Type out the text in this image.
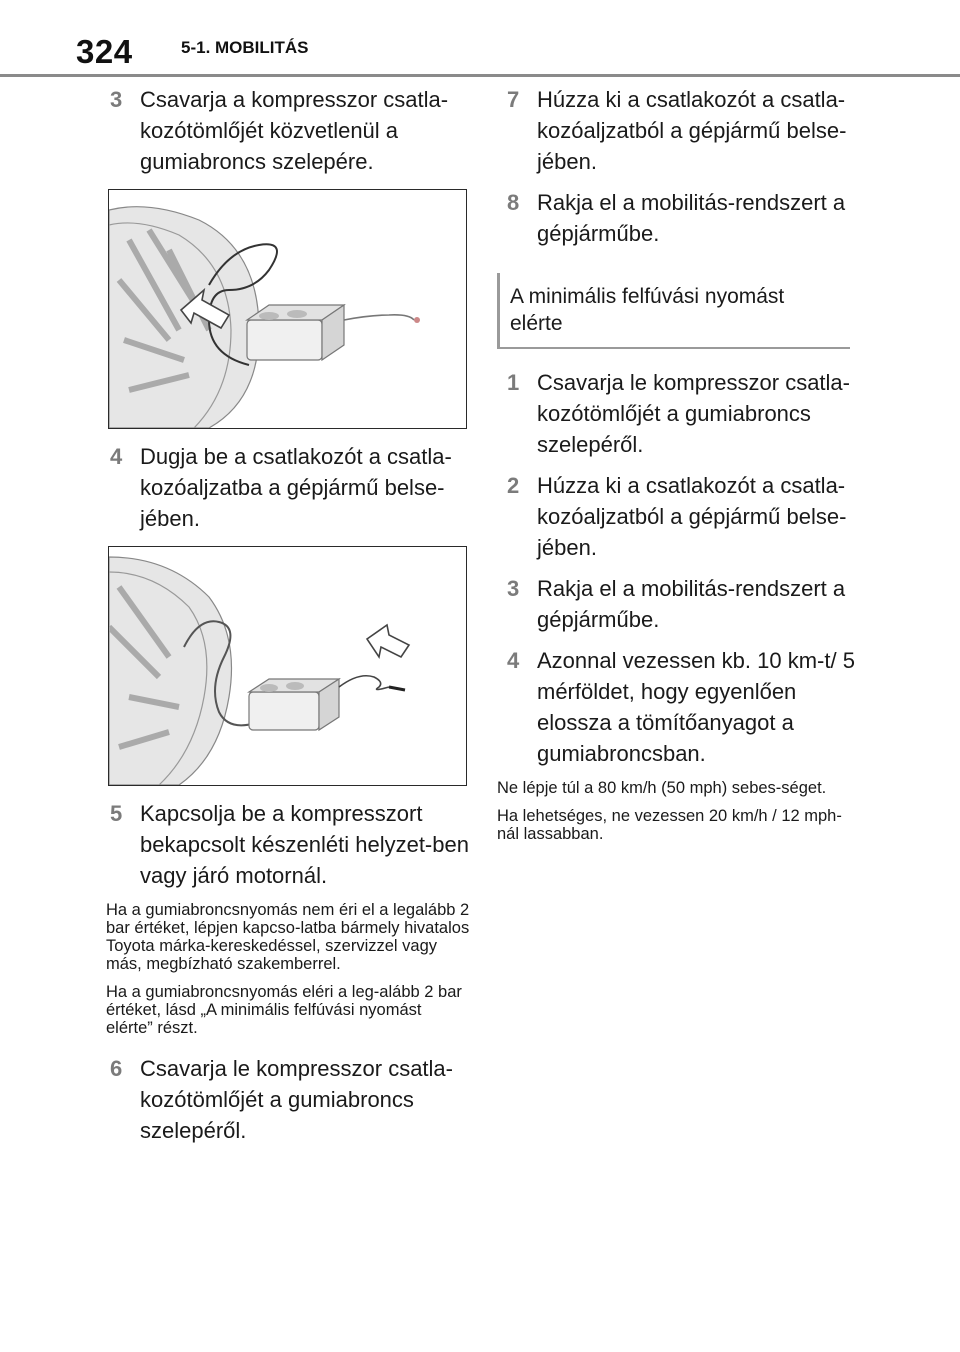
324	5-1. MOBILITÁS
3 Csavarja a kompresszor csatla-kozótömlőjét közvetlenül a gumiabroncs szelepére.
4 Dugja be a csatlakozót a csatla-kozóaljzatba a gépjármű belse-jében.
5 Kapcsolja be a kompresszort bekapcsolt készenléti helyzet-ben vagy járó motornál.

Ha a gumiabroncsnyomás nem éri el a legalább 2 bar értéket, lépjen kapcso-latba bármely hivatalos Toyota márka-kereskedéssel, szervizzel vagy más, megbízható szakemberrel.

Ha a gumiabroncsnyomás eléri a leg-alább 2 bar értéket, lásd „A minimális felfúvási nyomást elérte” részt.

6 Csavarja le kompresszor csatla-kozótömlőjét a gumiabroncs szelepéről.
7 Húzza ki a csatlakozót a csatla-kozóaljzatból a gépjármű belse-jében.
8 Rakja el a mobilitás-rendszert a gépjárműbe.
A minimális felfúvási nyomást elérte
1 Csavarja le kompresszor csatla-kozótömlőjét a gumiabroncs szelepéről.
2 Húzza ki a csatlakozót a csatla-kozóaljzatból a gépjármű belse-jében.
3 Rakja el a mobilitás-rendszert a gépjárműbe.
4 Azonnal vezessen kb. 10 km-t/ 5 mérföldet, hogy egyenlően elossza a tömítőanyagot a gumiabroncsban.

Ne lépje túl a 80 km/h (50 mph) sebes-séget.

Ha lehetséges, ne vezessen 20 km/h / 12 mph-nál lassabban.
